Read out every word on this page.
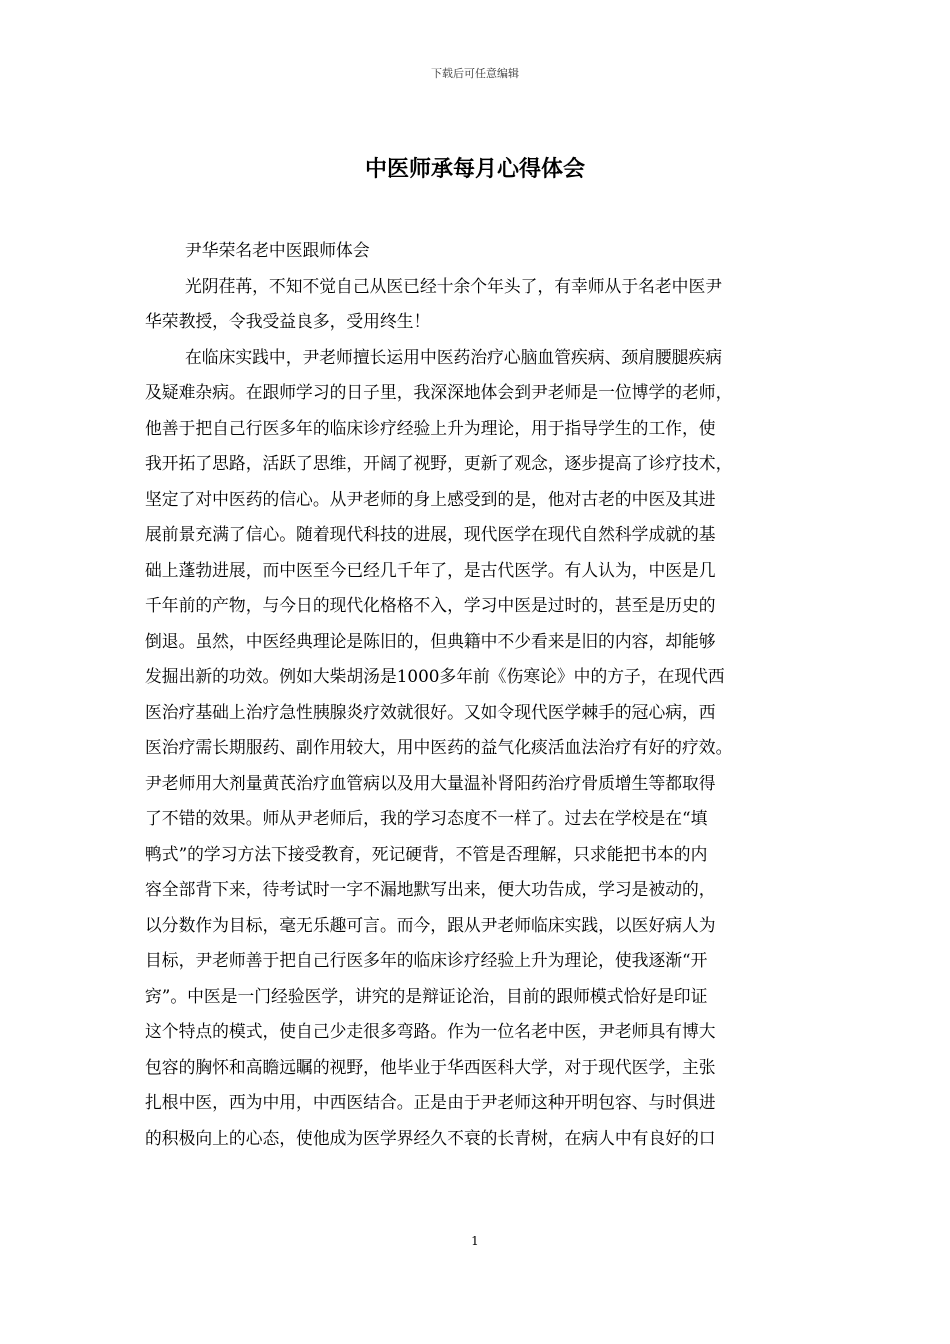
下载后可任意编辑
中医师承每月心得体会
尹华荣名老中医跟师体会
光阴荏苒，不知不觉自己从医已经十余个年头了，有幸师从于名老中医尹
华荣教授，令我受益良多，受用终生！
在临床实践中，尹老师擅长运用中医药治疗心脑血管疾病、颈肩腰腿疾病
及疑难杂病。在跟师学习的日子里，我深深地体会到尹老师是一位博学的老师，
他善于把自己行医多年的临床诊疗经验上升为理论，用于指导学生的工作，使
我开拓了思路，活跃了思维，开阔了视野，更新了观念，逐步提高了诊疗技术，
坚定了对中医药的信心。从尹老师的身上感受到的是，他对古老的中医及其进
展前景充满了信心。随着现代科技的进展，现代医学在现代自然科学成就的基
础上蓬勃进展，而中医至今已经几千年了，是古代医学。有人认为，中医是几
千年前的产物，与今日的现代化格格不入，学习中医是过时的，甚至是历史的
倒退。虽然，中医经典理论是陈旧的，但典籍中不少看来是旧的内容，却能够
发掘出新的功效。例如大柴胡汤是1000多年前《伤寒论》中的方子，在现代西
医治疗基础上治疗急性胰腺炎疗效就很好。又如令现代医学棘手的冠心病，西
医治疗需长期服药、副作用较大，用中医药的益气化痰活血法治疗有好的疗效。
尹老师用大剂量黄芪治疗血管病以及用大量温补肾阳药治疗骨质增生等都取得
了不错的效果。师从尹老师后，我的学习态度不一样了。过去在学校是在“填
鸭式”的学习方法下接受教育，死记硬背，不管是否理解，只求能把书本的内
容全部背下来，待考试时一字不漏地默写出来，便大功告成，学习是被动的，
以分数作为目标，毫无乐趣可言。而今，跟从尹老师临床实践，以医好病人为
目标，尹老师善于把自己行医多年的临床诊疗经验上升为理论，使我逐渐“开
窍”。中医是一门经验医学，讲究的是辩证论治，目前的跟师模式恰好是印证
这个特点的模式，使自己少走很多弯路。作为一位名老中医，尹老师具有博大
包容的胸怀和高瞻远瞩的视野，他毕业于华西医科大学，对于现代医学，主张
扎根中医，西为中用，中西医结合。正是由于尹老师这种开明包容、与时俱进
的积极向上的心态，使他成为医学界经久不衰的长青树，在病人中有良好的口
1
